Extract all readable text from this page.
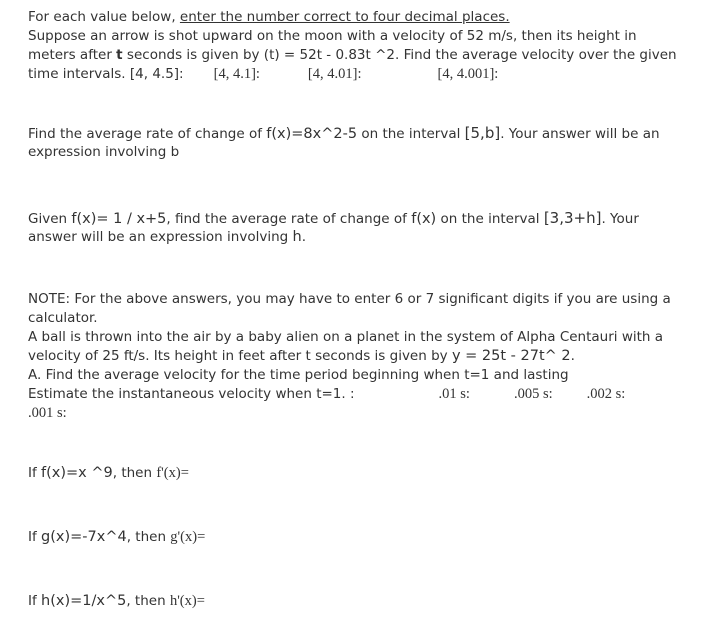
For each value below, enter the number correct to four decimal places.
Suppose an arrow is shot upward on the moon with a velocity of 52 m/s, then its height in
meters after t seconds is given by (t) = 52t - 0.83t ^2. Find the average velocity over the given
time intervals. [4, 4.5]: [4, 4.1]:	[4, 4.01]:	[4, 4.001]:
Find the average rate of change of f(x)=8x^2-5 on the interval [5,b]. Your answer will be an
expression involving b
Given f(x)= 1 / x+5, find the average rate of change of f(x) on the interval [3,3+h]. Your
answer will be an expression involving h.
NOTE: For the above answers, you may have to enter 6 or 7 significant digits if you are using a
calculator.
A ball is thrown into the air by a baby alien on a planet in the system of Alpha Centauri with a
velocity of 25 ft/s. Its height in feet after t seconds is given by y = 25t - 27t^ 2.
A. Find the average velocity for the time period beginning when t=1 and lasting
Estimate the instantaneous velocity when t=1. :	.01 s:	.005 s: .002 s:
.001 s:
If f(x)=x ^9, then f'(x)=
If g(x)=-7x^4, then g'(x)=
If h(x)=1/x^5, then h'(x)=
